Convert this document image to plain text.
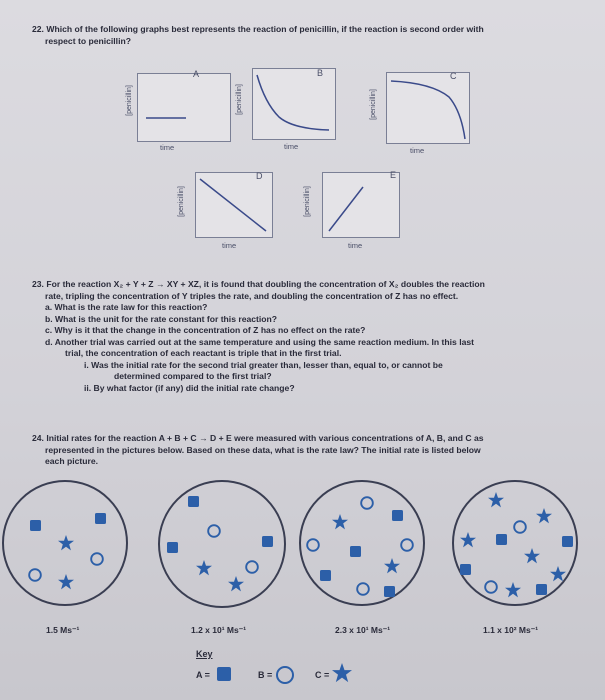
22. Which of the following graphs best represents the reaction of penicillin, if the reaction is second order with
respect to penicillin?
A
[penicillin]
time
B
[penicillin]
time
C
[penicillin]
time
D
[penicillin]
time
E
[penicillin]
time
23. For the reaction X₂ + Y + Z → XY + XZ, it is found that doubling the concentration of X₂ doubles the reaction
rate, tripling the concentration of Y triples the rate, and doubling the concentration of Z has no effect.
a. What is the rate law for this reaction?
b. What is the unit for the rate constant for this reaction?
c. Why is it that the change in the concentration of Z has no effect on the rate?
d. Another trial was carried out at the same temperature and using the same reaction medium. In this last
trial, the concentration of each reactant is triple that in the first trial.
i. Was the initial rate for the second trial greater than, lesser than, equal to, or cannot be
determined compared to the first trial?
ii. By what factor (if any) did the initial rate change?
24. Initial rates for the reaction A + B + C → D + E were measured with various concentrations of A, B, and C as
represented in the pictures below. Based on these data, what is the rate law? The initial rate is listed below
each picture.
1.5 Ms⁻¹	1.2 x 10¹ Ms⁻¹	2.3 x 10¹ Ms⁻¹	1.1 x 10² Ms⁻¹
Key
A =	B =	C =
